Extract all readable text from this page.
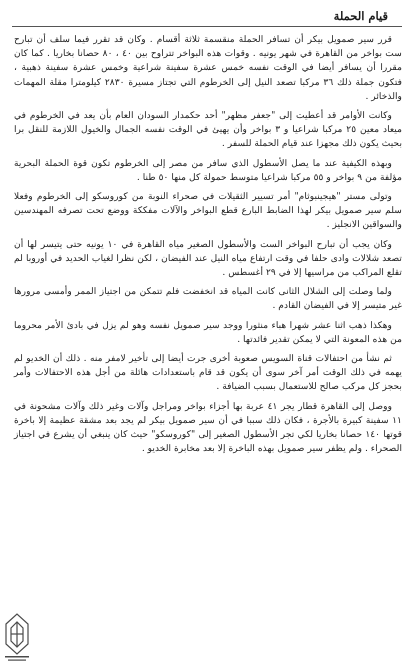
قيام الحملة

قرر سير صمويل بيكر أن تسافر الحملة منقسمة ثلاثة أقسام . وكان قد تقرر فيما سلف أن تبارح ست بواخر من القاهرة في شهر يونيه . وقوات هذه البواخر تتراوح بين ٤٠ ، ٨٠ حصانا بخاريا . كما كان مقررا أن يسافر أيضا في الوقت نفسه خمس عشرة سفينة شراعية وخمس عشرة سفينة ذهبية ، فتكون جملة ذلك ٣٦ مركبا تصعد النيل إلى الخرطوم التي تجتاز مسيرة ٢٨٣٠ كيلومترا مقلة المهمات والذخائر .

وكانت الأوامر قد أعطيت إلى "جعفر مظهر" أحد حكمدار السودان العام بأن يعد في الخرطوم في ميعاد معين ٢٥ مركبا شراعيا و ٣ بواخر وأن يهيئ في الوقت نفسه الجمال والخيول اللازمة للنقل برا بحيث يكون ذلك مجهزا عند قيام الحملة للسفر .

وبهذه الكيفية عند ما يصل الأسطول الذي سافر من مصر إلى الخرطوم تكون قوة الحملة البحرية مؤلفة من ٩ بواخر و ٥٥ مركبا شراعيا متوسط حمولة كل منها ٥٠ طنا .

وتولى مستر "هيجينبوثام" أمر تسيير الثقيلات في صحراء النوبة من كوروسكو إلى الخرطوم وفعلا سلم سير صمويل بيكر لهذا الضابط البارع قطع البواخر والآلات مفككة ووضع تحت تصرفه المهندسين والسواقين الانجليز .

وكان يجب أن تبارح البواخر الست والأسطول الصغير مياه القاهرة في ١٠ يونيه حتى يتيسر لها أن تصعد شلالات وادى حلفا في وقت ارتفاع مياه النيل عند الفيضان ، لكن نظرا لغياب الحديد في أوروبا لم تقلع المراكب من مراسيها إلا في ٢٩ أغسطس .

ولما وصلت إلى الشلال الثانى كانت المياه قد انخفضت فلم تتمكن من اجتياز الممر وأمسى مرورها غير متيسر إلا في الفيضان القادم .

وهكذا ذهب اثنا عشر شهرا هباء منثورا ووجد سير صمويل نفسه وهو لم يزل في بادئ الأمر محروما من هذه المعونة التي لا يمكن تقدير فائدتها .

ثم نشأ من احتفالات قناة السويس صعوبة أخرى جرت أيضا إلى تأخير لامفر منه . ذلك أن الخديو لم يهمه في ذلك الوقت أمر آخر سوى أن يكون قد قام باستعدادات هائلة من أجل هذه الاحتفالات وأمر بحجز كل مركب صالح للاستعمال بسبب الضيافة .

ووصل إلى القاهرة قطار يجر ٤١ عربة بها أجزاء بواخر ومراجل وآلات وغير ذلك وآلات مشحونة في ١١ سفينة كبيرة بالأجرة ، فكان ذلك سببا في أن سير صمويل بيكر لم يجد بعد مشقة عظيمة إلا باخرة قوتها ١٤٠ حصانا بخاريا لكي تجر الأسطول الصغير إلى "كوروسكو" حيث كان ينبغي أن يشرع في اجتياز الصحراء . ولم يظفر سير صمويل بهذه الباخرة إلا بعد مخابرة الخديو .
